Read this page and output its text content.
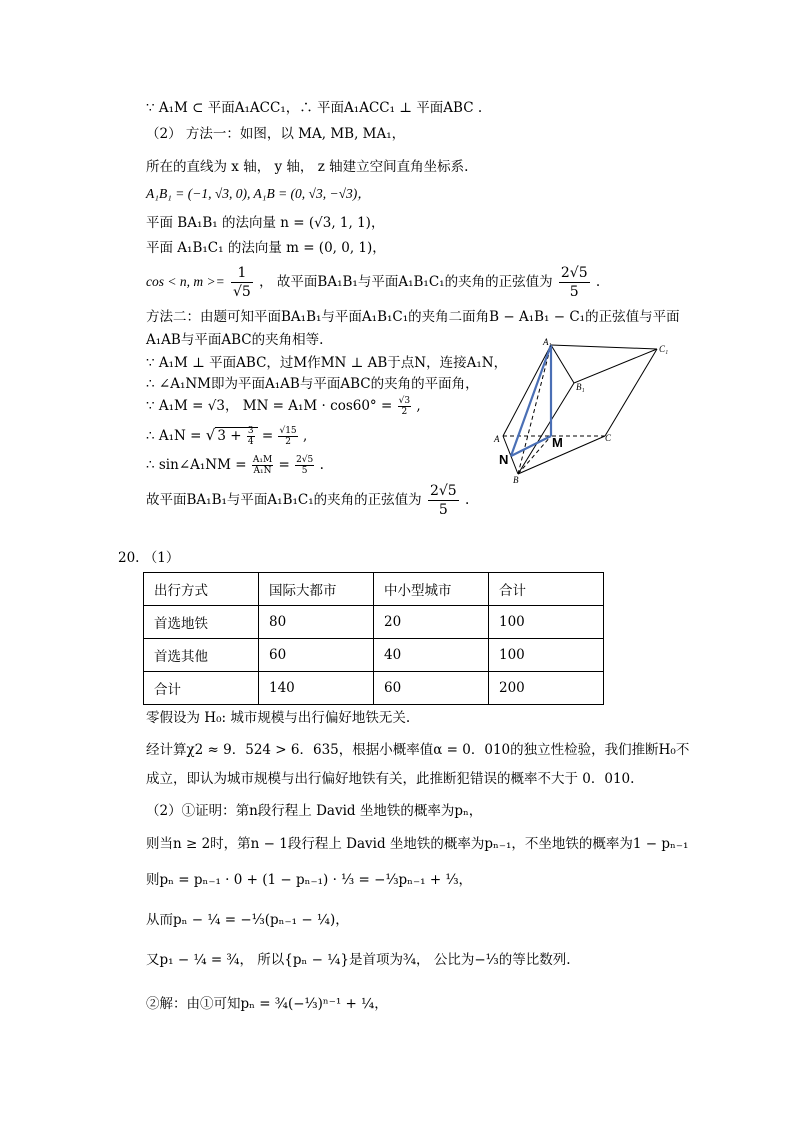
∵ A₁M ⊂ 平面A₁ACC₁，∴ 平面A₁ACC₁ ⊥ 平面ABC .
（2） 方法一：如图，以 MA, MB, MA₁，
所在的直线为 x 轴， y 轴， z 轴建立空间直角坐标系.
A₁B₁ = (−1, √3, 0), A₁B = (0, √3, −√3)，
平面 BA₁B₁ 的法向量 n = (√3, 1, 1)，
平面 A₁B₁C₁ 的法向量 m = (0, 0, 1)，
cos < n, $m >= \frac{1}{√5}$ ， 故平面BA₁B₁与平面A₁B₁C₁的夹角的正弦值为 $\frac{2√5}{5}$ .
方法二：由题可知平面BA₁B₁与平面A₁B₁C₁的夹角二面角B − A₁B₁ − C₁的正弦值与平面
A₁AB与平面ABC的夹角相等.
∵ A₁M ⊥ 平面ABC，过M作MN ⊥ AB于点N，连接A₁N，
∴ ∠A₁NM即为平面A₁AB与平面ABC的夹角的平面角，
∵ A₁M = √3， MN = $A_1M \cdot \cos 60^\circ = \frac{√3}{2}$ ,
∴ A₁N = √ $3 + \frac{3}{4} = \frac{√15}{2}$ ,
∴ sin∠A₁NM = $\frac{\text{A₁M}}{\text{A₁N}} = \frac{2√5}{5}$ .
故平面BA₁B₁与平面A₁B₁C₁的夹角的正弦值为 $\frac{2√5}{5}$ .
A₁
C₁
B₁
A	C
B
M
N
20. （1）
出行方式	国际大都市	中小型城市	合计
首选地铁	80	20	100
首选其他	60	40	100
合计	140	60	200
零假设为 H₀: 城市规模与出行偏好地铁无关.
经计算χ2 ≈ 9．524 > 6．635，根据小概率值α = 0．010的独立性检验，我们推断H₀不
成立，即认为城市规模与出行偏好地铁有关，此推断犯错误的概率不大于 0．010.
（2）①证明：第n段行程上 David 坐地铁的概率为pₙ，
则当n ≥ 2时，第n − 1段行程上 David 坐地铁的概率为pₙ₋₁，不坐地铁的概率为1 − pₙ₋₁
则pₙ = pₙ₋₁ · 0 + (1 − pₙ₋₁) · ⅓ = −⅓pₙ₋₁ + ⅓，
从而pₙ − ¼ = −⅓(pₙ₋₁ − ¼)，
又p₁ − ¼ = ¾， 所以{pₙ − ¼}是首项为¾， 公比为−⅓的等比数列.
②解：由①可知pₙ = ¾(−⅓)ⁿ⁻¹ + ¼，
